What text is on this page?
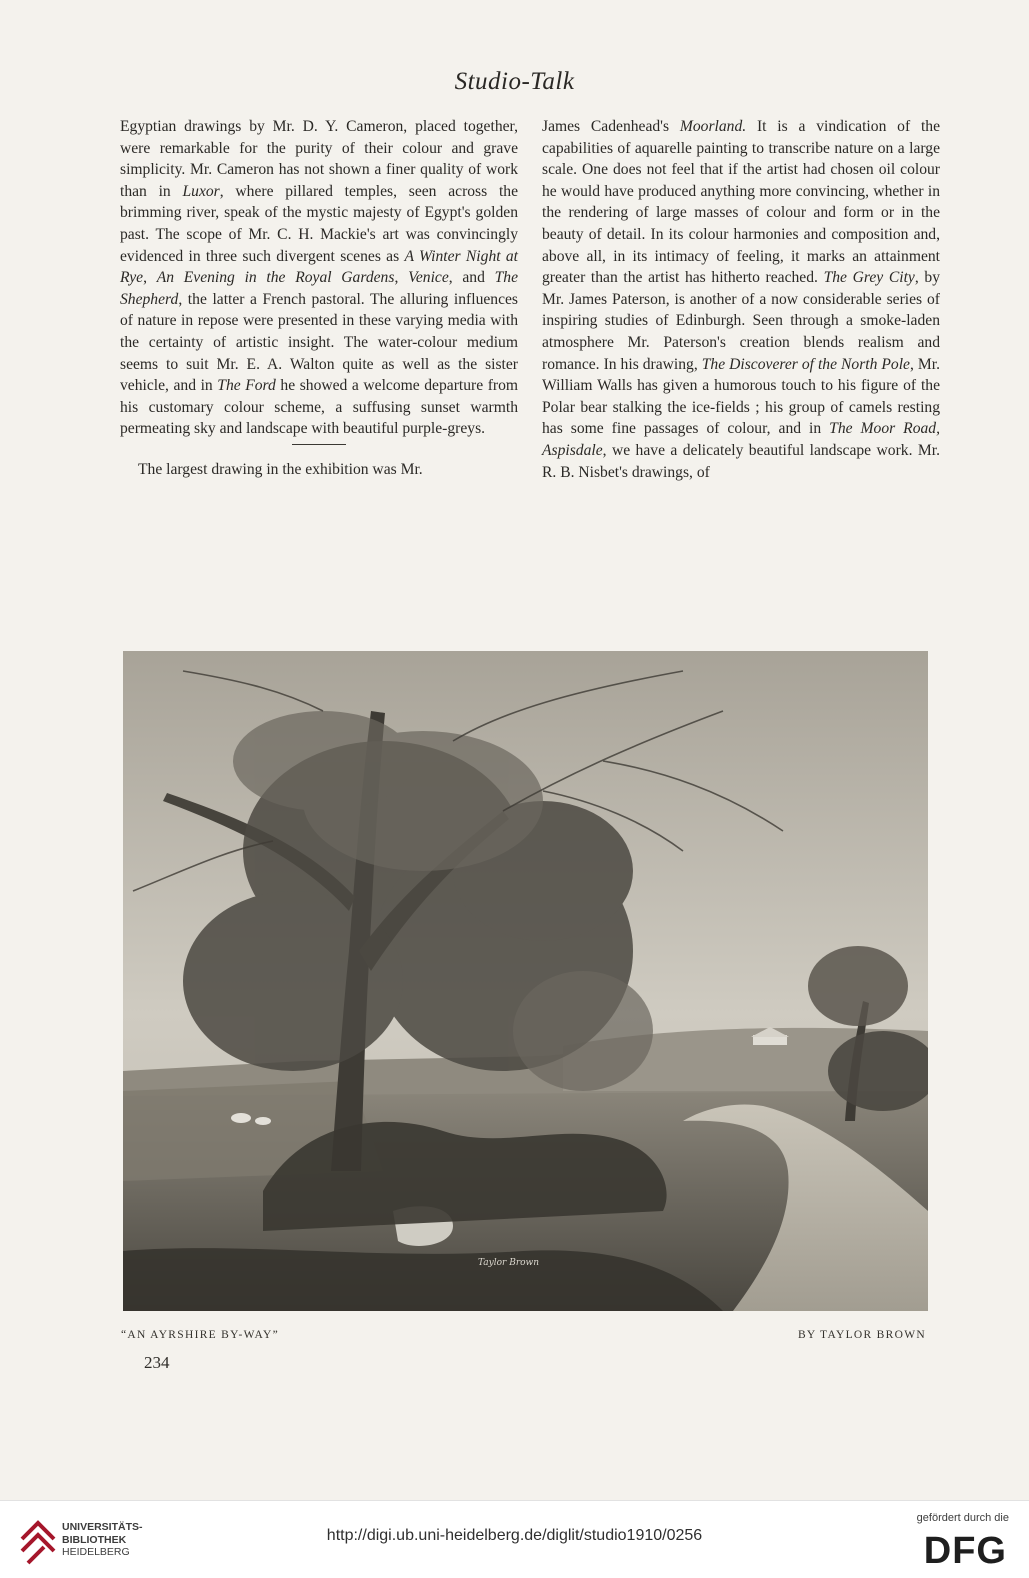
Studio-Talk

Egyptian drawings by Mr. D. Y. Cameron, placed together, were remarkable for the purity of their colour and grave simplicity. Mr. Cameron has not shown a finer quality of work than in Luxor, where pillared temples, seen across the brimming river, speak of the mystic majesty of Egypt's golden past. The scope of Mr. C. H. Mackie's art was convincingly evidenced in three such divergent scenes as A Winter Night at Rye, An Evening in the Royal Gardens, Venice, and The Shepherd, the latter a French pastoral. The alluring influences of nature in repose were presented in these varying media with the certainty of artistic insight. The water-colour medium seems to suit Mr. E. A. Walton quite as well as the sister vehicle, and in The Ford he showed a welcome departure from his customary colour scheme, a suffusing sunset warmth permeating sky and landscape with beautiful purple-greys.

The largest drawing in the exhibition was Mr.

James Cadenhead's Moorland. It is a vindication of the capabilities of aquarelle painting to transcribe nature on a large scale. One does not feel that if the artist had chosen oil colour he would have produced anything more convincing, whether in the rendering of large masses of colour and form or in the beauty of detail. In its colour harmonies and composition and, above all, in its intimacy of feeling, it marks an attainment greater than the artist has hitherto reached. The Grey City, by Mr. James Paterson, is another of a now considerable series of inspiring studies of Edinburgh. Seen through a smoke-laden atmosphere Mr. Paterson's creation blends realism and romance. In his drawing, The Discoverer of the North Pole, Mr. William Walls has given a humorous touch to his figure of the Polar bear stalking the ice-fields ; his group of camels resting has some fine passages of colour, and in The Moor Road, Aspisdale, we have a delicately beautiful landscape work. Mr. R. B. Nisbet's drawings, of

Taylor Brown
“AN AYRSHIRE BY-WAY”	BY TAYLOR BROWN
234
UNIVERSITÄTS-
BIBLIOTHEK
HEIDELBERG
http://digi.ub.uni-heidelberg.de/diglit/studio1910/0256
gefördert durch die
DFG
